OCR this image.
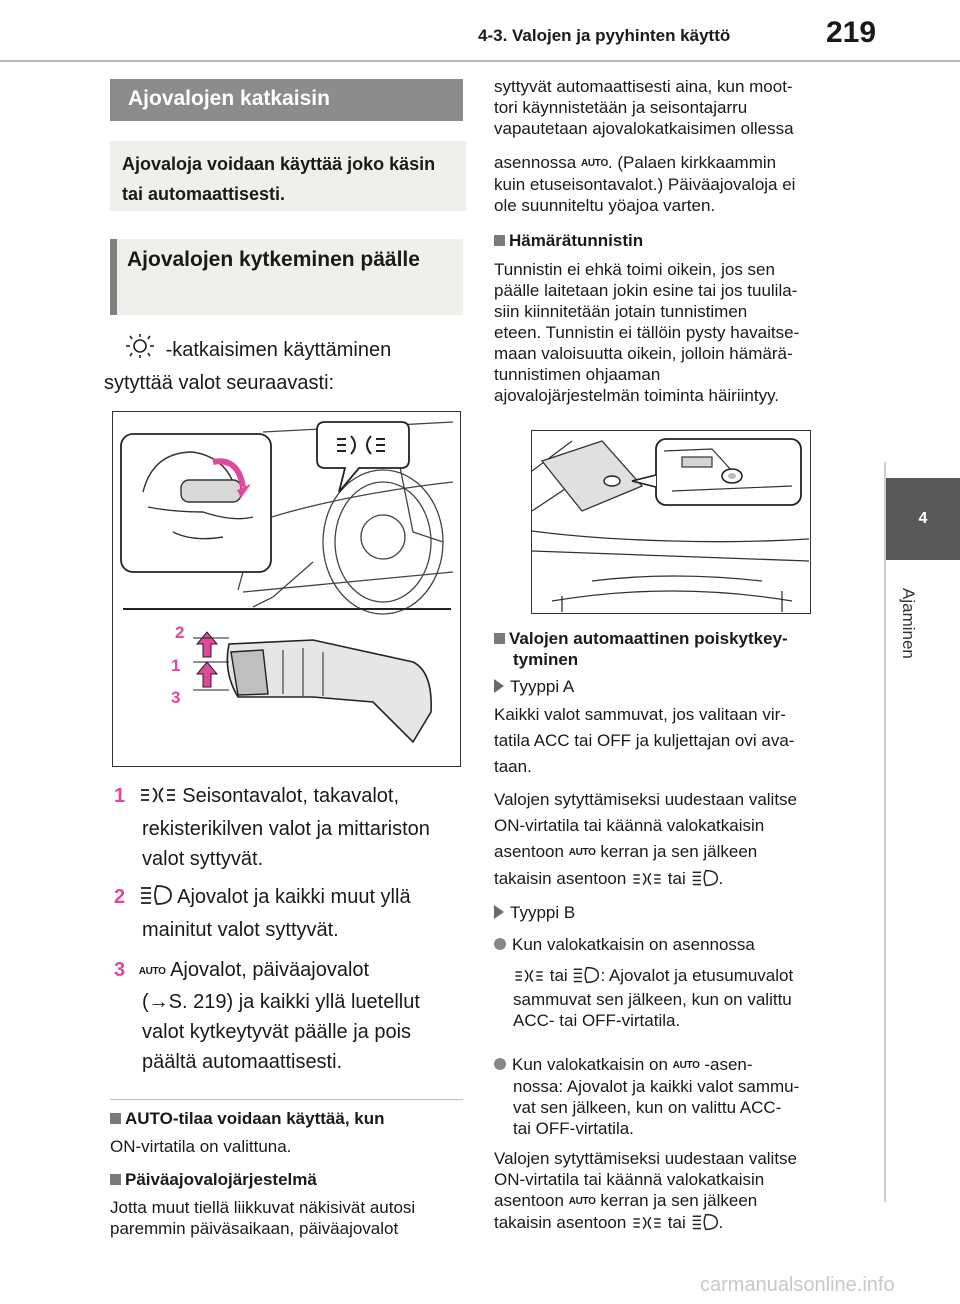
4-3. Valojen ja pyyhinten käyttö	219
4
Ajaminen
Ajovalojen katkaisin
Ajovaloja voidaan käyttää joko käsin tai automaattisesti.
Ajovalojen kytkeminen päälle
-katkaisimen käyttäminen
sytyttää valot seuraavasti:
2
1
3
1	Seisontavalot, takavalot,
rekisterikilven valot ja mittariston
valot syttyvät.
2	Ajovalot ja kaikki muut yllä
mainitut valot syttyvät.
3 AUTO Ajovalot, päiväajovalot
(→S. 219) ja kaikki yllä luetellut
valot kytkeytyvät päälle ja pois
päältä automaattisesti.
AUTO-tilaa voidaan käyttää, kun
ON-virtatila on valittuna.
Päiväajovalojärjestelmä
Jotta muut tiellä liikkuvat näkisivät autosi
paremmin päiväsaikaan, päiväajovalot
syttyvät automaattisesti aina, kun moot-
tori käynnistetään ja seisontajarru
vapautetaan ajovalokatkaisimen ollessa
asennossa AUTO. (Palaen kirkkaammin
kuin etuseisontavalot.) Päiväajovaloja ei
ole suunniteltu yöajoa varten.
Hämärätunnistin

Tunnistin ei ehkä toimi oikein, jos sen
päälle laitetaan jokin esine tai jos tuulila-
siin kiinnitetään jotain tunnistimen
eteen. Tunnistin ei tällöin pysty havaitse-
maan valoisuutta oikein, jolloin hämärä-
tunnistimen ohjaaman
ajovalojärjestelmän toiminta häiriintyy.
Valojen automaattinen poiskytkey-
tyminen
Tyyppi A
Kaikki valot sammuvat, jos valitaan vir-
tatila ACC tai OFF ja kuljettajan ovi ava-
taan.
Valojen sytyttämiseksi uudestaan valitse
ON-virtatila tai käännä valokatkaisin
asentoon AUTO kerran ja sen jälkeen
takaisin asentoon tai .
Tyyppi B
Kun valokatkaisin on asennossa

tai : Ajovalot ja etusumuvalot
sammuvat sen jälkeen, kun on valittu
ACC- tai OFF-virtatila.
Kun valokatkaisin on AUTO -asen-

nossa: Ajovalot ja kaikki valot sammu-
vat sen jälkeen, kun on valittu ACC-
tai OFF-virtatila.
Valojen sytyttämiseksi uudestaan valitse
ON-virtatila tai käännä valokatkaisin
asentoon AUTO kerran ja sen jälkeen
takaisin asentoon tai .
carmanualsonline.info
